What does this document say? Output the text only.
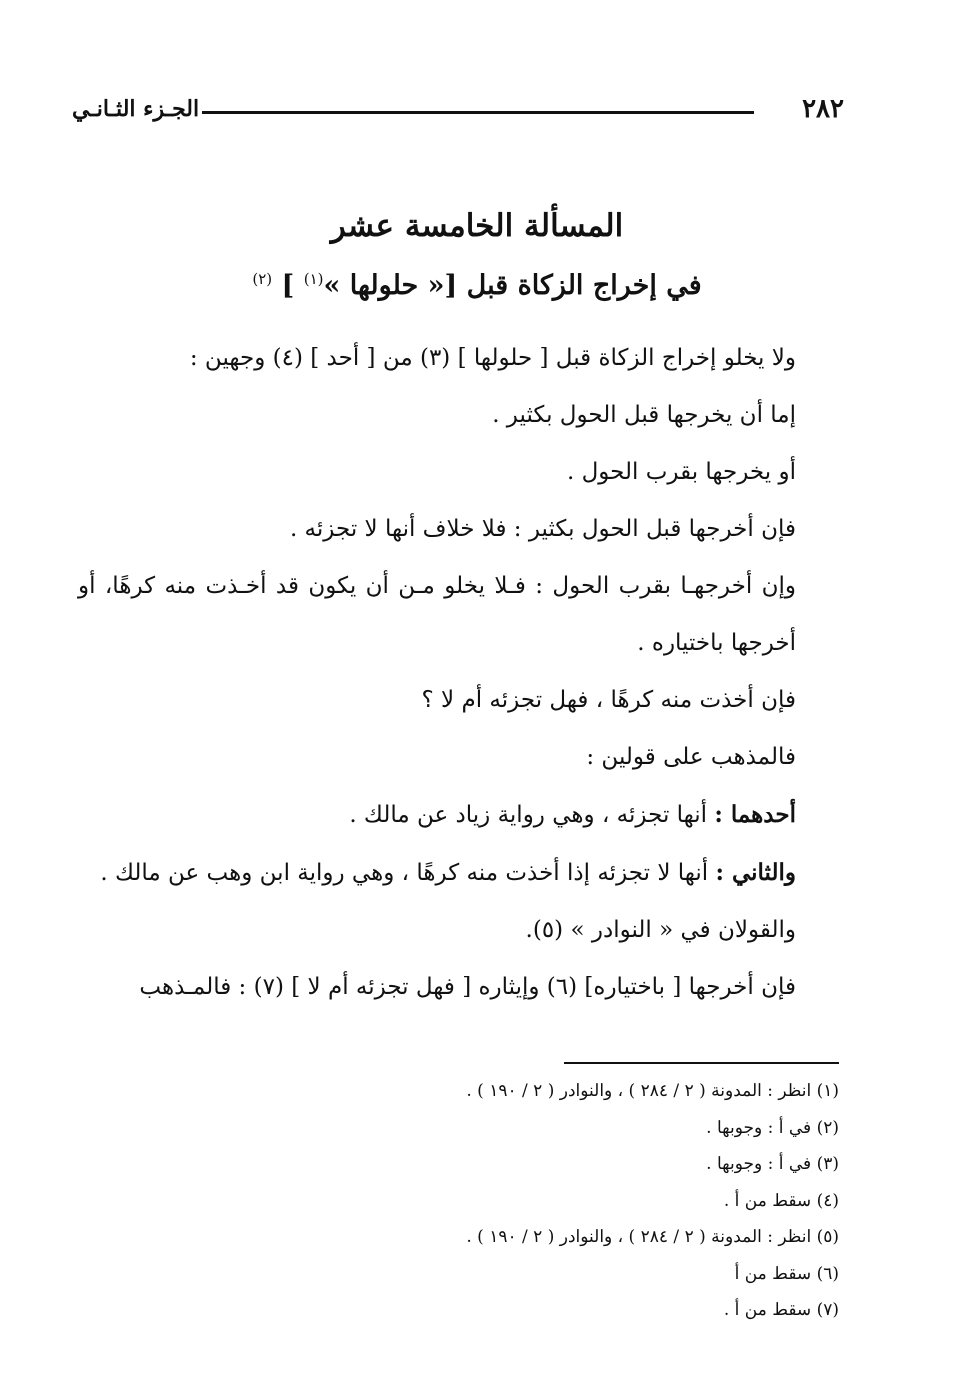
٢٨٢
الجـزء الثـانـي
المسألة الخامسة عشر
في إخراج الزكاة قبل [« حلولها »$^{(١)}$ ] $^{(٢)}$

ولا يخلو إخراج الزكاة قبل [ حلولها ] (٣) من [ أحد ] (٤) وجهين :

إما أن يخرجها قبل الحول بكثير .

أو يخرجها بقرب الحول .

فإن أخرجها قبل الحول بكثير : فلا خلاف أنها لا تجزئه .

وإن أخرجهـا بقرب الحول : فـلا يخلو مـن أن يكون قد أخـذت منه كرهًا، أو أخرجها باختياره .

فإن أخذت منه كرهًا ، فهل تجزئه أم لا ؟

فالمذهب على قولين :

أحدهما : أنها تجزئه ، وهي رواية زياد عن مالك .

والثاني : أنها لا تجزئه إذا أخذت منه كرهًا ، وهي رواية ابن وهب عن مالك .

والقولان في « النوادر » (٥).

فإن أخرجها [ باختياره] (٦) وإيثاره [ فهل تجزئه أم لا ] (٧) : فالمـذهب

(١) انظر : المدونة ( ٢ / ٢٨٤ ) ، والنوادر ( ٢ / ١٩٠ ) .
(٢) في أ : وجوبها .
(٣) في أ : وجوبها .
(٤) سقط من أ .
(٥) انظر : المدونة ( ٢ / ٢٨٤ ) ، والنوادر ( ٢ / ١٩٠ ) .
(٦) سقط من أ
(٧) سقط من أ .
